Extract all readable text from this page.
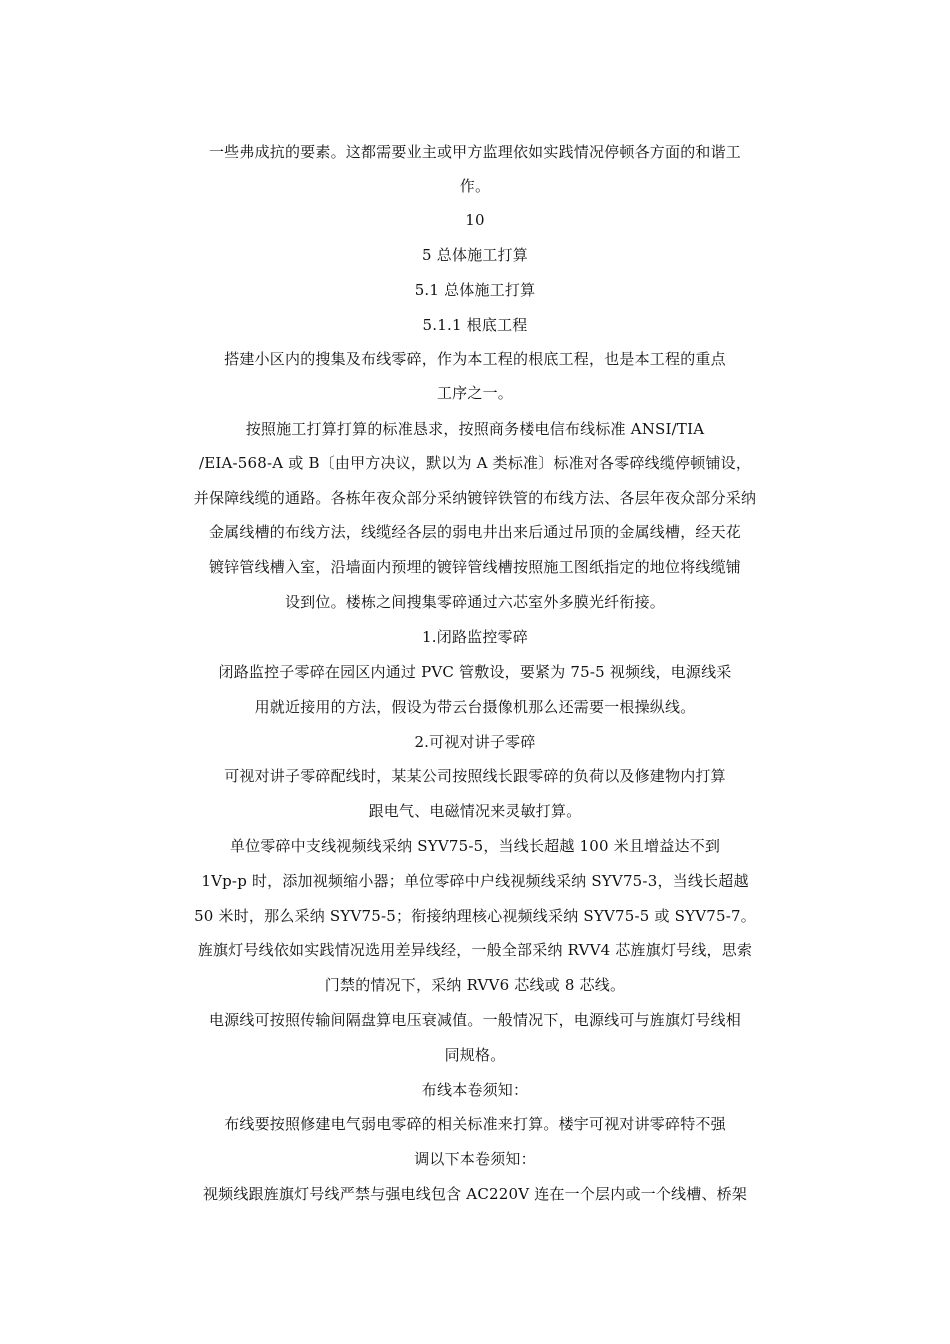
一些弗成抗的要素。这都需要业主或甲方监理依如实践情况停顿各方面的和谐工
作。
10
5 总体施工打算
5.1 总体施工打算
5.1.1 根底工程
搭建小区内的搜集及布线零碎，作为本工程的根底工程，也是本工程的重点
工序之一。
按照施工打算打算的标准恳求，按照商务楼电信布线标准 ANSI/TIA
/EIA-568-A 或 B〔由甲方决议，默以为 A 类标准〕标准对各零碎线缆停顿铺设，
并保障线缆的通路。各栋年夜众部分采纳镀锌铁管的布线方法、各层年夜众部分采纳
金属线槽的布线方法，线缆经各层的弱电井出来后通过吊顶的金属线槽，经天花
镀锌管线槽入室，沿墙面内预埋的镀锌管线槽按照施工图纸指定的地位将线缆铺
设到位。楼栋之间搜集零碎通过六芯室外多膜光纤衔接。
1.闭路监控零碎
闭路监控子零碎在园区内通过 PVC 管敷设，要紧为 75-5 视频线，电源线采
用就近接用的方法，假设为带云台摄像机那么还需要一根操纵线。
2.可视对讲子零碎
可视对讲子零碎配线时，某某公司按照线长跟零碎的负荷以及修建物内打算
跟电气、电磁情况来灵敏打算。
单位零碎中支线视频线采纳 SYV75-5，当线长超越 100 米且增益达不到
1Vp-p 时，添加视频缩小器；单位零碎中户线视频线采纳 SYV75-3，当线长超越
50 米时，那么采纳 SYV75-5；衔接纳理核心视频线采纳 SYV75-5 或 SYV75-7。
旌旗灯号线依如实践情况选用差异线经，一般全部采纳 RVV4 芯旌旗灯号线，思索
门禁的情况下，采纳 RVV6 芯线或 8 芯线。
电源线可按照传输间隔盘算电压衰减值。一般情况下，电源线可与旌旗灯号线相
同规格。
布线本卷须知：
布线要按照修建电气弱电零碎的相关标准来打算。楼宇可视对讲零碎特不强
调以下本卷须知：
视频线跟旌旗灯号线严禁与强电线包含 AC220V 连在一个层内或一个线槽、桥架
